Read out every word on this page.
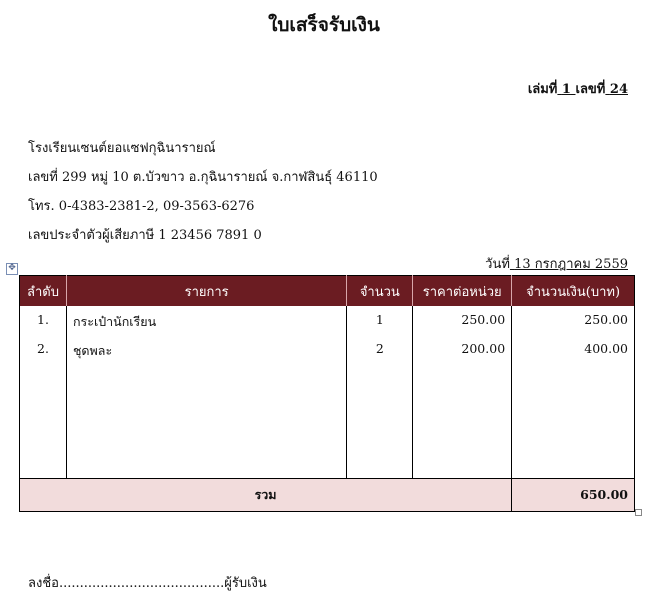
ใบเสร็จรับเงิน
เล่มที่ 1 เลขที่ 24
โรงเรียนเซนต์ยอแซฟกุฉินารายณ์
เลขที่ 299 หมู่ 10 ต.บัวขาว อ.กุฉินารายณ์ จ.กาฬสินธุ์ 46110
โทร. 0-4383-2381-2, 09-3563-6276
เลขประจำตัวผู้เสียภาษี 1 23456 7891 0
วันที่ 13 กรกฎาคม 2559
✥
ลำดับ	รายการ	จำนวน	ราคาต่อหน่วย	จำนวนเงิน(บาท)
1.	กระเป๋านักเรียน	1	250.00	250.00
2.	ชุดพละ	2	200.00	400.00

รวม				650.00
ลงชื่อ........................................ผู้รับเงิน
